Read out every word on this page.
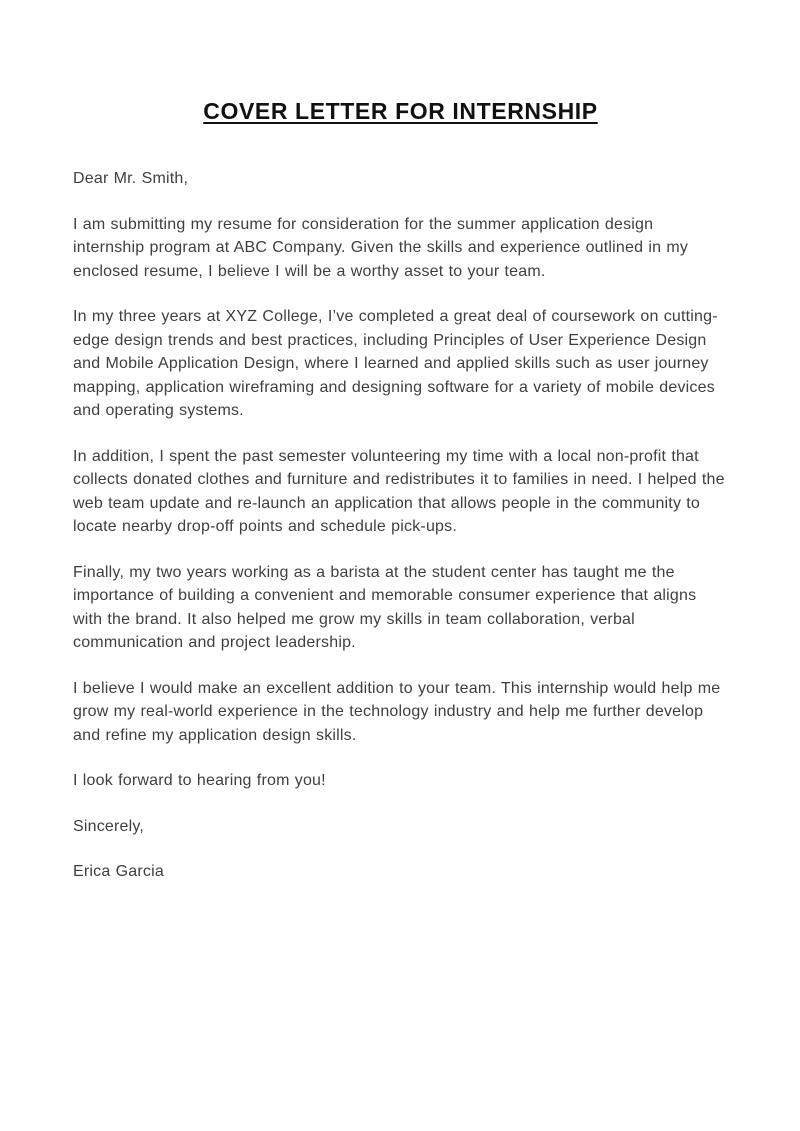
COVER LETTER FOR INTERNSHIP

Dear Mr. Smith,

I am submitting my resume for consideration for the summer application design internship program at ABC Company. Given the skills and experience outlined in my enclosed resume, I believe I will be a worthy asset to your team.

In my three years at XYZ College, I’ve completed a great deal of coursework on cutting-edge design trends and best practices, including Principles of User Experience Design and Mobile Application Design, where I learned and applied skills such as user journey mapping, application wireframing and designing software for a variety of mobile devices and operating systems.

In addition, I spent the past semester volunteering my time with a local non-profit that collects donated clothes and furniture and redistributes it to families in need. I helped the web team update and re-launch an application that allows people in the community to locate nearby drop-off points and schedule pick-ups.

Finally, my two years working as a barista at the student center has taught me the importance of building a convenient and memorable consumer experience that aligns with the brand. It also helped me grow my skills in team collaboration, verbal communication and project leadership.

I believe I would make an excellent addition to your team. This internship would help me grow my real-world experience in the technology industry and help me further develop and refine my application design skills.

I look forward to hearing from you!

Sincerely,

Erica Garcia
